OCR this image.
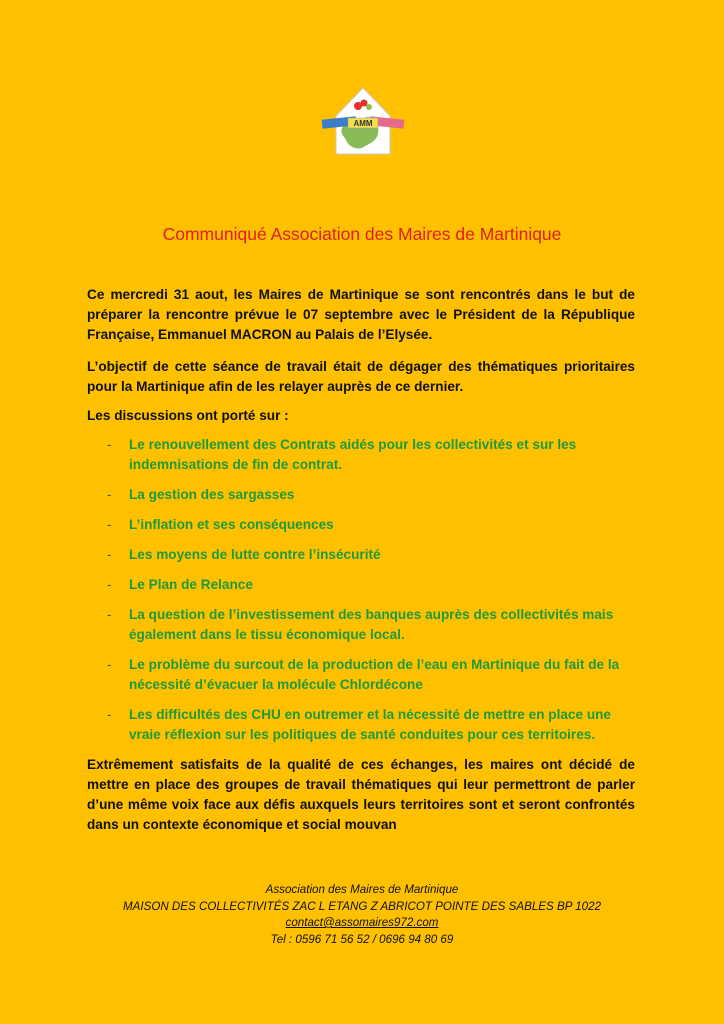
AMM
Communiqué Association des Maires de Martinique

Ce mercredi 31 aout, les Maires de Martinique se sont rencontrés dans le but de préparer la rencontre prévue le 07 septembre avec le Président de la République Française, Emmanuel MACRON au Palais de l’Elysée.

L’objectif de cette séance de travail était de dégager des thématiques prioritaires pour la Martinique afin de les relayer auprès de ce dernier.

Les discussions ont porté sur :

- Le renouvellement des Contrats aidés pour les collectivités et sur les indemnisations de fin de contrat.
- La gestion des sargasses
- L’inflation et ses conséquences
- Les moyens de lutte contre l’insécurité
- Le Plan de Relance
- La question de l’investissement des banques auprès des collectivités mais également dans le tissu économique local.
- Le problème du surcout de la production de l’eau en Martinique du fait de la nécessité d’évacuer la molécule Chlordécone
- Les difficultés des CHU en outremer et la nécessité de mettre en place une vraie réflexion sur les politiques de santé conduites pour ces territoires.

Extrêmement satisfaits de la qualité de ces échanges, les maires ont décidé de mettre en place des groupes de travail thématiques qui leur permettront de parler d’une même voix face aux défis auxquels leurs territoires sont et seront confrontés dans un contexte économique et social mouvan

Association des Maires de Martinique
MAISON DES COLLECTIVITÉS ZAC L ETANG Z ABRICOT POINTE DES SABLES BP 1022
contact@assomaires972.com
Tel : 0596 71 56 52 / 0696 94 80 69
